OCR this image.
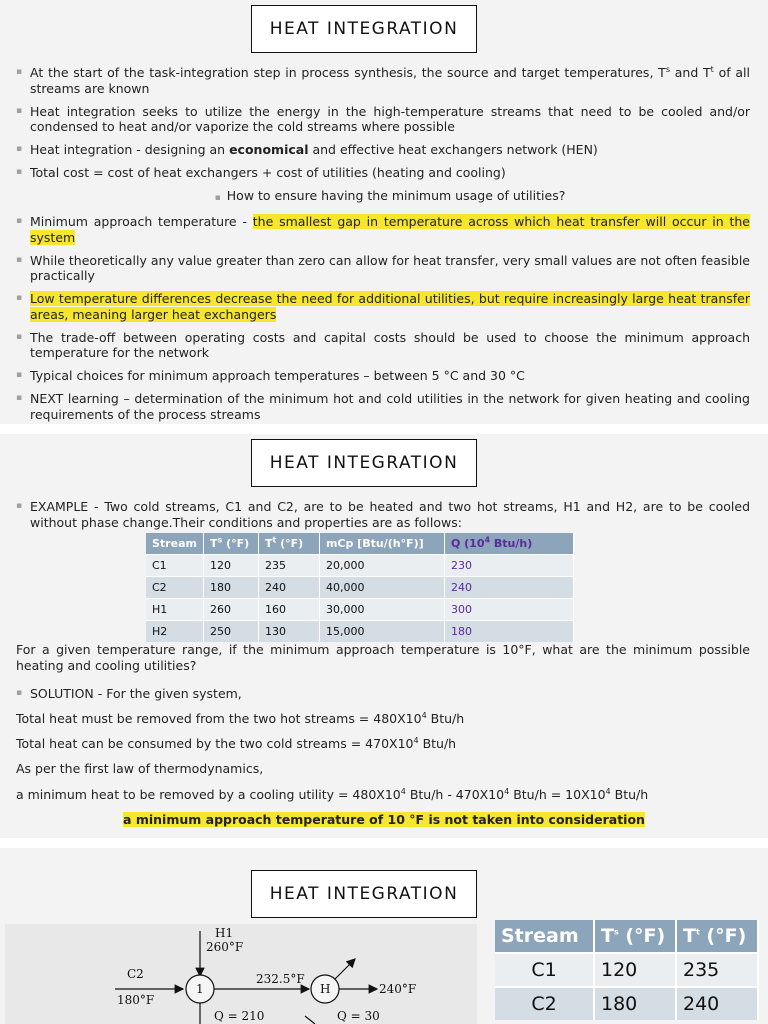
HEAT INTEGRATION
▪ At the start of the task-integration step in process synthesis, the source and target temperatures, $T^s$ and $T^t$ of all streams are known
▪ Heat integration seeks to utilize the energy in the high-temperature streams that need to be cooled and/or condensed to heat and/or vaporize the cold streams where possible
▪ Heat integration - designing an economical and effective heat exchangers network (HEN)
▪ Total cost = cost of heat exchangers + cost of utilities (heating and cooling)
▪ How to ensure having the minimum usage of utilities?
▪ Minimum approach temperature - the smallest gap in temperature across which heat transfer will occur in the system
▪ While theoretically any value greater than zero can allow for heat transfer, very small values are not often feasible practically
▪ Low temperature differences decrease the need for additional utilities, but require increasingly large heat transfer areas, meaning larger heat exchangers
▪ The trade-off between operating costs and capital costs should be used to choose the minimum approach temperature for the network
▪ Typical choices for minimum approach temperatures – between 5 °C and 30 °C
▪ NEXT learning – determination of the minimum hot and cold utilities in the network for given heating and cooling requirements of the process streams
HEAT INTEGRATION
▪ EXAMPLE - Two cold streams, C1 and C2, are to be heated and two hot streams, H1 and H2, are to be cooled without phase change.Their conditions and properties are as follows:
Stream	$T^s$ (°F)	$T^t$ (°F)	mCp [Btu/(h°F)]	Q ($10^4$ Btu/h)
C1	120	235	20,000	230
C2	180	240	40,000	240
H1	260	160	30,000	300
H2	250	130	15,000	180
For a given temperature range, if the minimum approach temperature is 10°F, what are the minimum possible heating and cooling utilities?
▪ SOLUTION - For the given system,
Total heat must be removed from the two hot streams = $480X10^4$ Btu/h
Total heat can be consumed by the two cold streams = $470X10^4$ Btu/h
As per the first law of thermodynamics,
a minimum heat to be removed by a cooling utility = $480X10^4$ $Btu/h - 470X10^4$ $Btu/h = 10X10^4$ Btu/h
a minimum approach temperature of 10 °F is not taken into consideration
HEAT INTEGRATION
H1
260°F
C2
180°F
1
232.5°F
H	240°F
Q = 210	Q = 30
Stream	$T^s$ (°F)	$T^t$ (°F)
C1	120	235
C2	180	240
